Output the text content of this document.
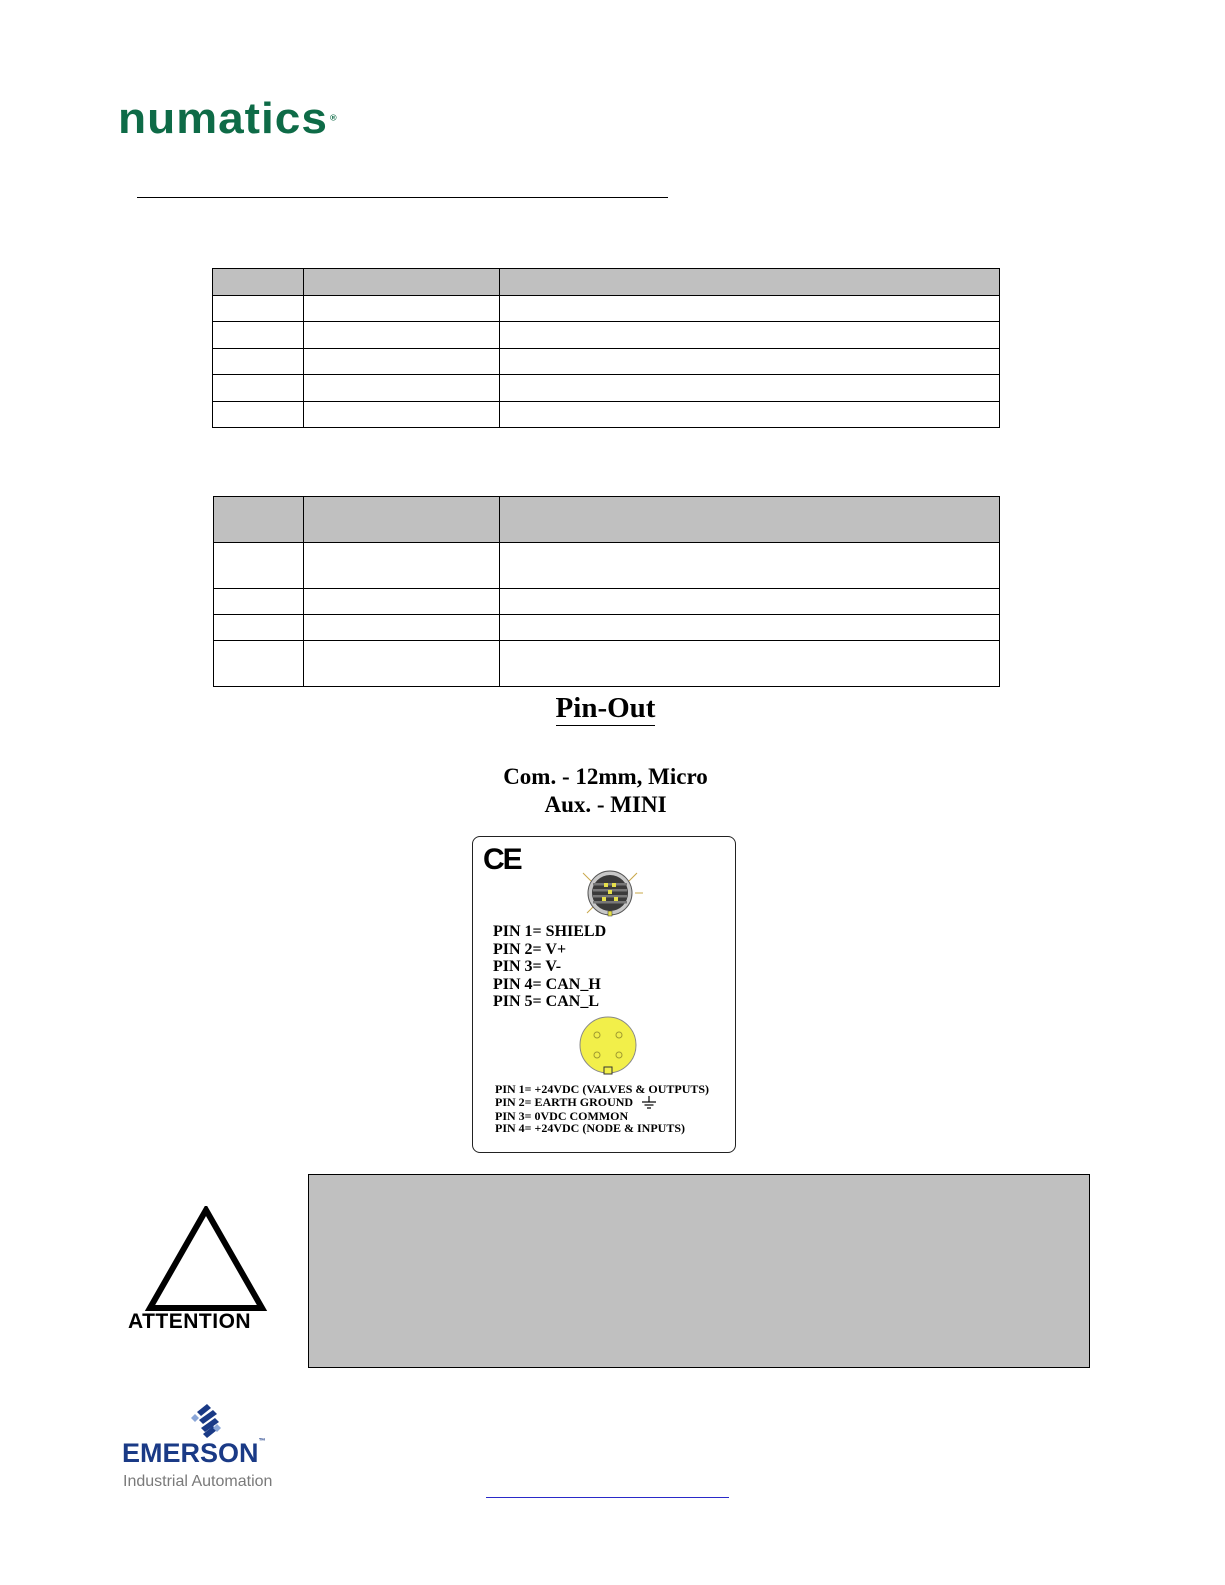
numatics ®

Pin-Out
Com. - 12mm, Micro
Aux. - MINI
CE
PIN 1= SHIELD
PIN 2= V+
PIN 3= V-
PIN 4= CAN_H
PIN 5= CAN_L
PIN 1= +24VDC (VALVES & OUTPUTS)
PIN 2= EARTH GROUND
PIN 3= 0VDC COMMON
PIN 4= +24VDC (NODE & INPUTS)
ATTENTION
EMERSON™
Industrial Automation
